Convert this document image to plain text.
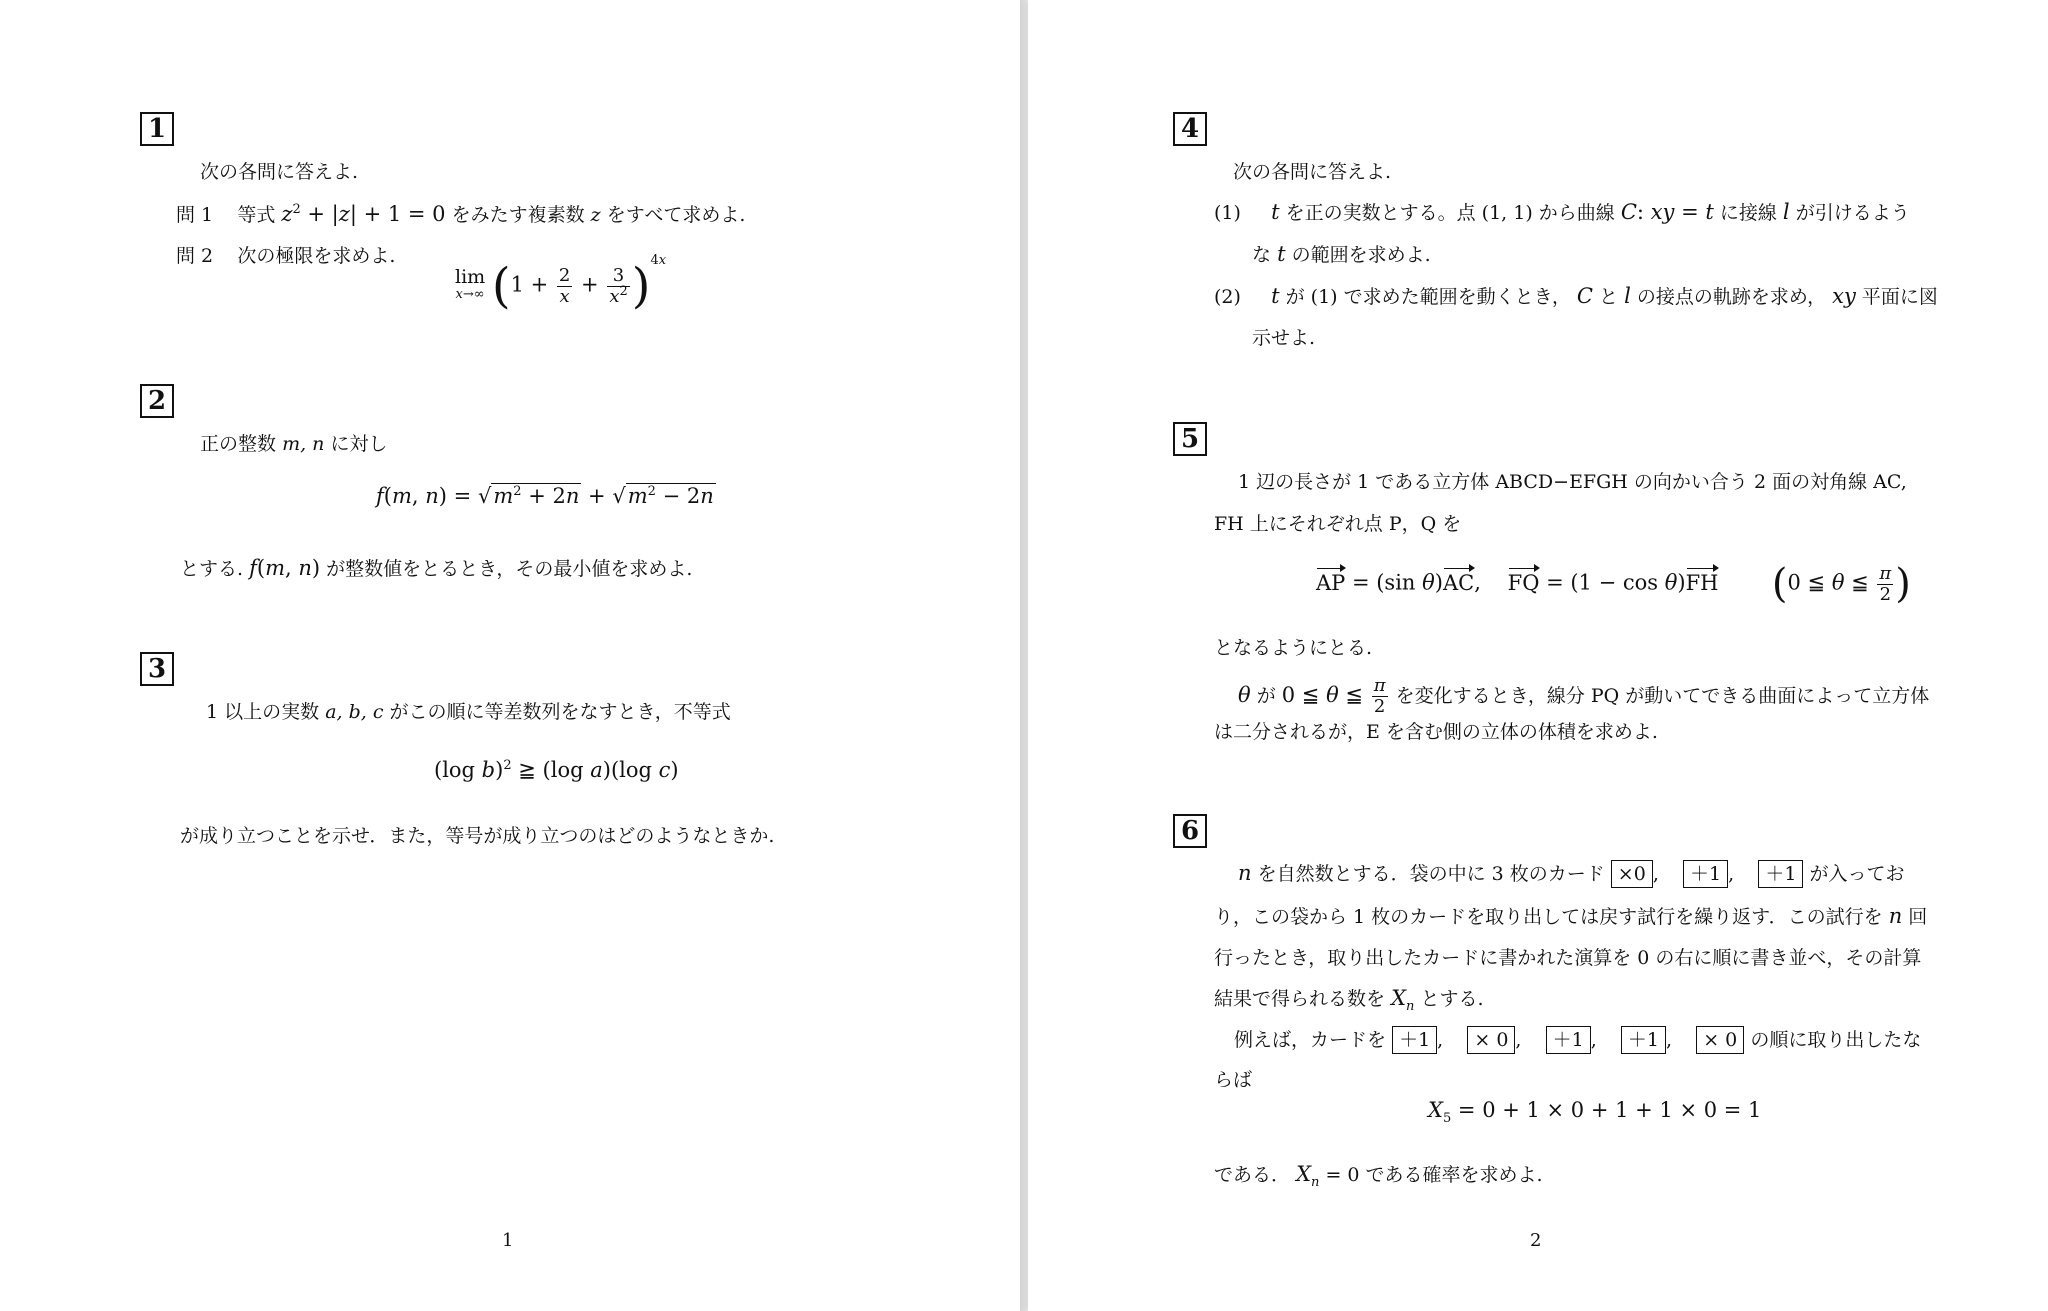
1
次の各問に答えよ.
問 1 等式 $z^2 + |z| + 1 = 0$ をみたす複素数 z をすべて求めよ.
問 2 次の極限を求めよ.
lim
x→∞ $(1 + \frac{2}{x} + \frac{3}{x^2} )^{4x}$
2
正の整数 m, n に対し
f(m, $n) = √m^2 + 2n + √m^2 - 2n$
とする. f(m, n) が整数値をとるとき，その最小値を求めよ.
3
1 以上の実数 a, b, c がこの順に等差数列をなすとき，不等式
(log b)$^2$ ≧ (log a)(log c)
が成り立つことを示せ．また，等号が成り立つのはどのようなときか.
1
4
次の各問に答えよ.
(1) t を正の実数とする。点 (1, 1) から曲線 C: xy = t に接線 l が引けるよう
な t の範囲を求めよ.
(2) t が (1) で求めた範囲を動くとき， C と l の接点の軌跡を求め， xy 平面に図
示せよ.
5
1 辺の長さが 1 である立方体 ABCD−EFGH の向かい合う 2 面の対角線 AC,
FH 上にそれぞれ点 P，Q を
AP = (sin θ)AC,    FQ = (1 − cos θ)FH (0 ≦ θ ≦ $\frac{\pi}{2}$ )
となるようにとる.
θ が 0 ≦ θ ≦ $\frac{\pi}{2}$ を変化するとき，線分 PQ が動いてできる曲面によって立方体
は二分されるが，E を含む側の立体の体積を求めよ.
6
n を自然数とする．袋の中に 3 枚のカード ×0 ,    ＋1 ,    ＋1 が入ってお
り，この袋から 1 枚のカードを取り出しては戻す試行を繰り返す．この試行を n 回
行ったとき，取り出したカードに書かれた演算を 0 の右に順に書き並べ，その計算
結果で得られる数を $X_n$ とする.
例えば，カードを ＋1 ,    × 0 ,    ＋1 ,    ＋1 ,    × 0 の順に取り出したな
らば
$X_5 = 0 + 1 \times 0 + 1 + 1 \times 0 = 1$
である． $X_n = 0$ である確率を求めよ.
2
